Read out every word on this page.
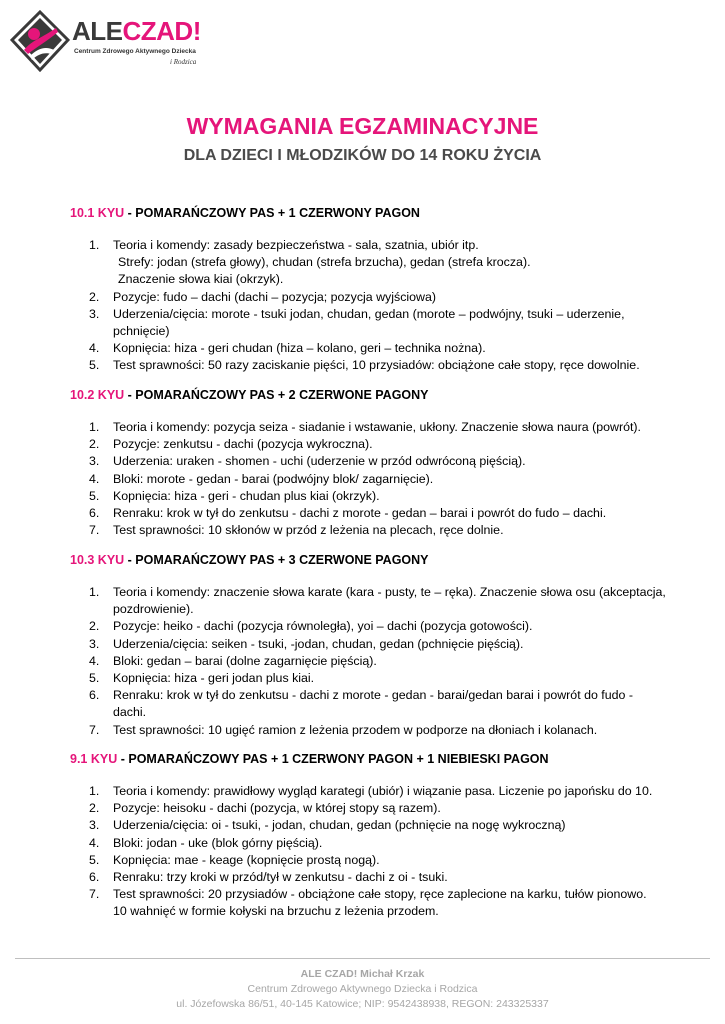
ALECZAD!
Centrum Zdrowego Aktywnego Dziecka
i Rodzica
WYMAGANIA EGZAMINACYJNE
DLA DZIECI I MŁODZIKÓW DO 14 ROKU ŻYCIA
10.1 KYU - POMARAŃCZOWY PAS + 1 CZERWONY PAGON
1. Teoria i komendy: zasady bezpieczeństwa - sala, szatnia, ubiór itp.
Strefy: jodan (strefa głowy), chudan (strefa brzucha), gedan (strefa krocza).
Znaczenie słowa kiai (okrzyk).
2. Pozycje: fudo – dachi (dachi – pozycja; pozycja wyjściowa)
3. Uderzenia/cięcia: morote - tsuki jodan, chudan, gedan (morote – podwójny, tsuki – uderzenie,
pchnięcie)
4. Kopnięcia: hiza - geri chudan (hiza – kolano, geri – technika nożna).
5. Test sprawności: 50 razy zaciskanie pięści, 10 przysiadów: obciążone całe stopy, ręce dowolnie.
10.2 KYU - POMARAŃCZOWY PAS + 2 CZERWONE PAGONY
1. Teoria i komendy: pozycja seiza - siadanie i wstawanie, ukłony. Znaczenie słowa naura (powrót).
2. Pozycje: zenkutsu - dachi (pozycja wykroczna).
3. Uderzenia: uraken - shomen - uchi (uderzenie w przód odwróconą pięścią).
4. Bloki: morote - gedan - barai (podwójny blok/ zagarnięcie).
5. Kopnięcia: hiza - geri - chudan plus kiai (okrzyk).
6. Renraku: krok w tył do zenkutsu - dachi z morote - gedan – barai i powrót do fudo – dachi.
7. Test sprawności: 10 skłonów w przód z leżenia na plecach, ręce dolnie.
10.3 KYU - POMARAŃCZOWY PAS + 3 CZERWONE PAGONY
1. Teoria i komendy: znaczenie słowa karate (kara - pusty, te – ręka). Znaczenie słowa osu (akceptacja,
pozdrowienie).
2. Pozycje: heiko - dachi (pozycja równoległa), yoi – dachi (pozycja gotowości).
3. Uderzenia/cięcia: seiken - tsuki, -jodan, chudan, gedan (pchnięcie pięścią).
4. Bloki: gedan – barai (dolne zagarnięcie pięścią).
5. Kopnięcia: hiza - geri jodan plus kiai.
6. Renraku: krok w tył do zenkutsu - dachi z morote - gedan - barai/gedan barai i powrót do fudo -
dachi.
7. Test sprawności: 10 ugięć ramion z leżenia przodem w podporze na dłoniach i kolanach.
9.1 KYU - POMARAŃCZOWY PAS + 1 CZERWONY PAGON + 1 NIEBIESKI PAGON
1. Teoria i komendy: prawidłowy wygląd karategi (ubiór) i wiązanie pasa. Liczenie po japońsku do 10.
2. Pozycje: heisoku - dachi (pozycja, w której stopy są razem).
3. Uderzenia/cięcia: oi - tsuki, - jodan, chudan, gedan (pchnięcie na nogę wykroczną)
4. Bloki: jodan - uke (blok górny pięścią).
5. Kopnięcia: mae - keage (kopnięcie prostą nogą).
6. Renraku: trzy kroki w przód/tył w zenkutsu - dachi z oi - tsuki.
7. Test sprawności: 20 przysiadów - obciążone całe stopy, ręce zaplecione na karku, tułów pionowo.
10 wahnięć w formie kołyski na brzuchu z leżenia przodem.
ALE CZAD! Michał Krzak
Centrum Zdrowego Aktywnego Dziecka i Rodzica
ul. Józefowska 86/51, 40-145 Katowice; NIP: 9542438938, REGON: 243325337
